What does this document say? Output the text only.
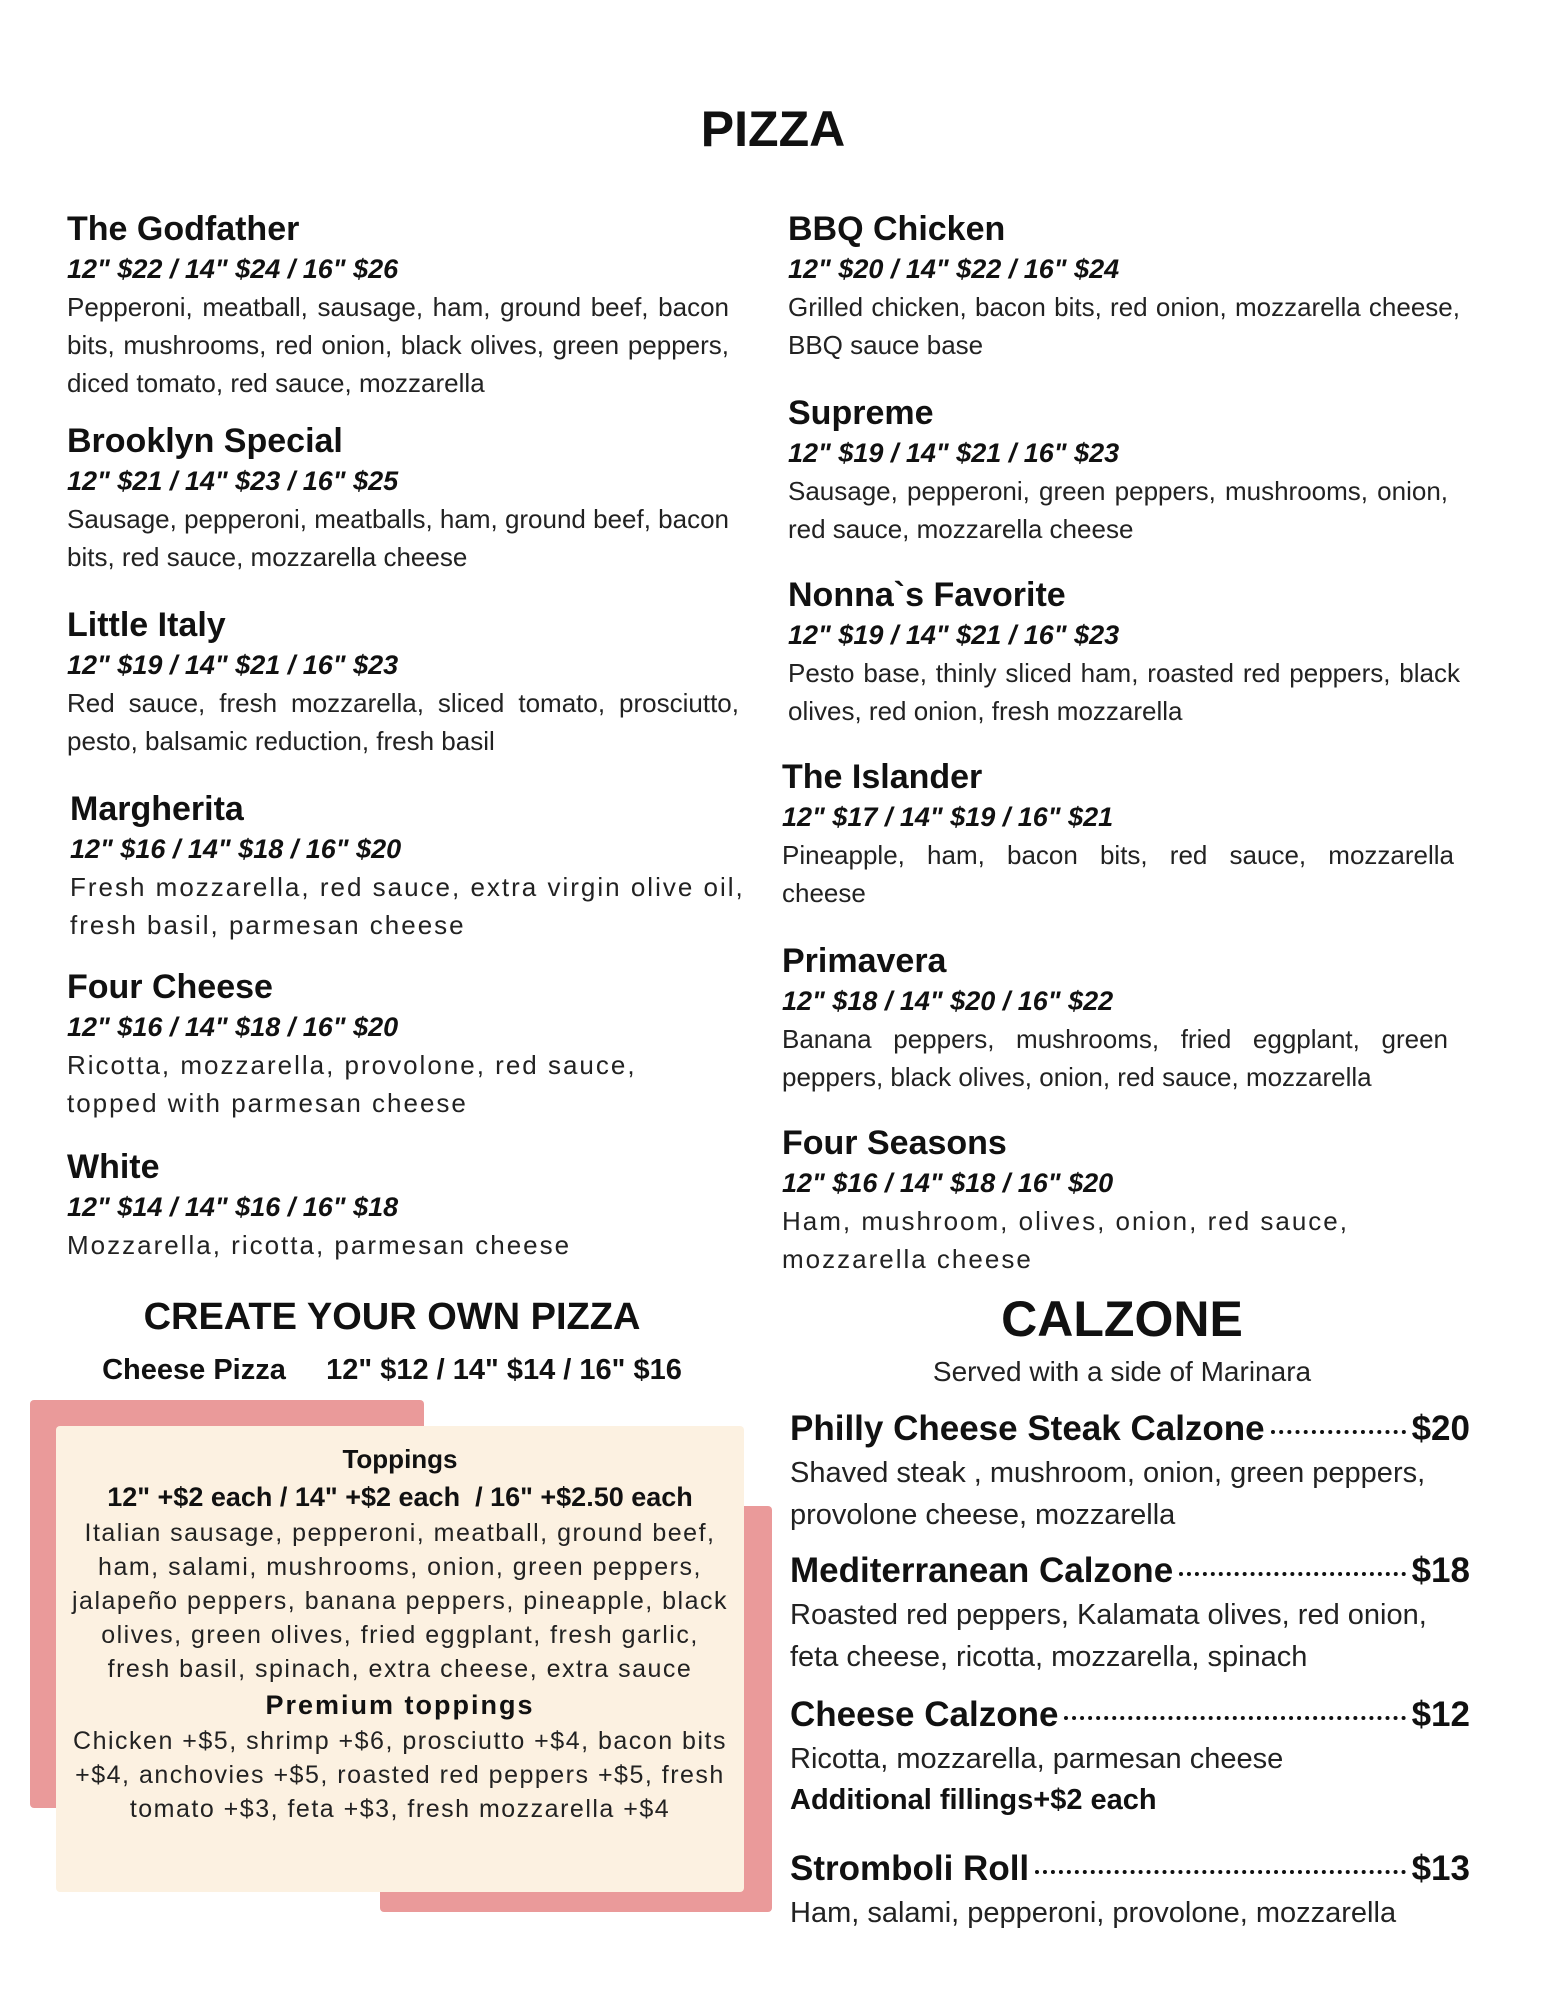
PIZZA
The Godfather
12" $22 / 14" $24 / 16" $26
Pepperoni, meatball, sausage, ham, ground beef, bacon bits, mushrooms, red onion, black olives, green peppers, diced tomato, red sauce, mozzarella
Brooklyn Special
12" $21 / 14" $23 / 16" $25
Sausage, pepperoni, meatballs, ham, ground beef, bacon bits, red sauce, mozzarella cheese
Little Italy
12" $19 / 14" $21 / 16" $23
Red sauce, fresh mozzarella, sliced tomato, prosciutto, pesto, balsamic reduction, fresh basil
Margherita
12" $16 / 14" $18 / 16" $20
Fresh mozzarella, red sauce, extra virgin olive oil, fresh basil, parmesan cheese
Four Cheese
12" $16 / 14" $18 / 16" $20
Ricotta, mozzarella, provolone, red sauce, topped with parmesan cheese
White
12" $14 / 14" $16 / 16" $18
Mozzarella, ricotta, parmesan cheese
BBQ Chicken
12" $20 / 14" $22 / 16" $24
Grilled chicken, bacon bits, red onion, mozzarella cheese, BBQ sauce base
Supreme
12" $19 / 14" $21 / 16" $23
Sausage, pepperoni, green peppers, mushrooms, onion, red sauce, mozzarella cheese
Nonna`s Favorite
12" $19 / 14" $21 / 16" $23
Pesto base, thinly sliced ham, roasted red peppers, black olives, red onion, fresh mozzarella
The Islander
12" $17 / 14" $19 / 16" $21
Pineapple, ham, bacon bits, red sauce, mozzarella cheese
Primavera
12" $18 / 14" $20 / 16" $22
Banana peppers, mushrooms, fried eggplant, green peppers, black olives, onion, red sauce, mozzarella
Four Seasons
12" $16 / 14" $18 / 16" $20
Ham, mushroom, olives, onion, red sauce, mozzarella cheese
CREATE YOUR OWN PIZZA
Cheese Pizza 12" $12 / 14" $14 / 16" $16
Toppings
12" +$2 each / 14" +$2 each  / 16" +$2.50 each
Italian sausage, pepperoni, meatball, ground beef, ham, salami, mushrooms, onion, green peppers, jalapeño peppers, banana peppers, pineapple, black olives, green olives, fried eggplant, fresh garlic, fresh basil, spinach, extra cheese, extra sauce
Premium toppings
Chicken +$5, shrimp +$6, prosciutto +$4, bacon bits +$4, anchovies +$5, roasted red peppers +$5, fresh tomato +$3, feta +$3, fresh mozzarella +$4
CALZONE
Served with a side of Marinara
Philly Cheese Steak Calzone	$20
Shaved steak , mushroom, onion, green peppers, provolone cheese, mozzarella
Mediterranean Calzone	$18
Roasted red peppers, Kalamata olives, red onion, feta cheese, ricotta, mozzarella, spinach
Cheese Calzone	$12
Ricotta, mozzarella, parmesan cheese
Additional fillings+$2 each
Stromboli Roll	$13
Ham, salami, pepperoni, provolone, mozzarella
